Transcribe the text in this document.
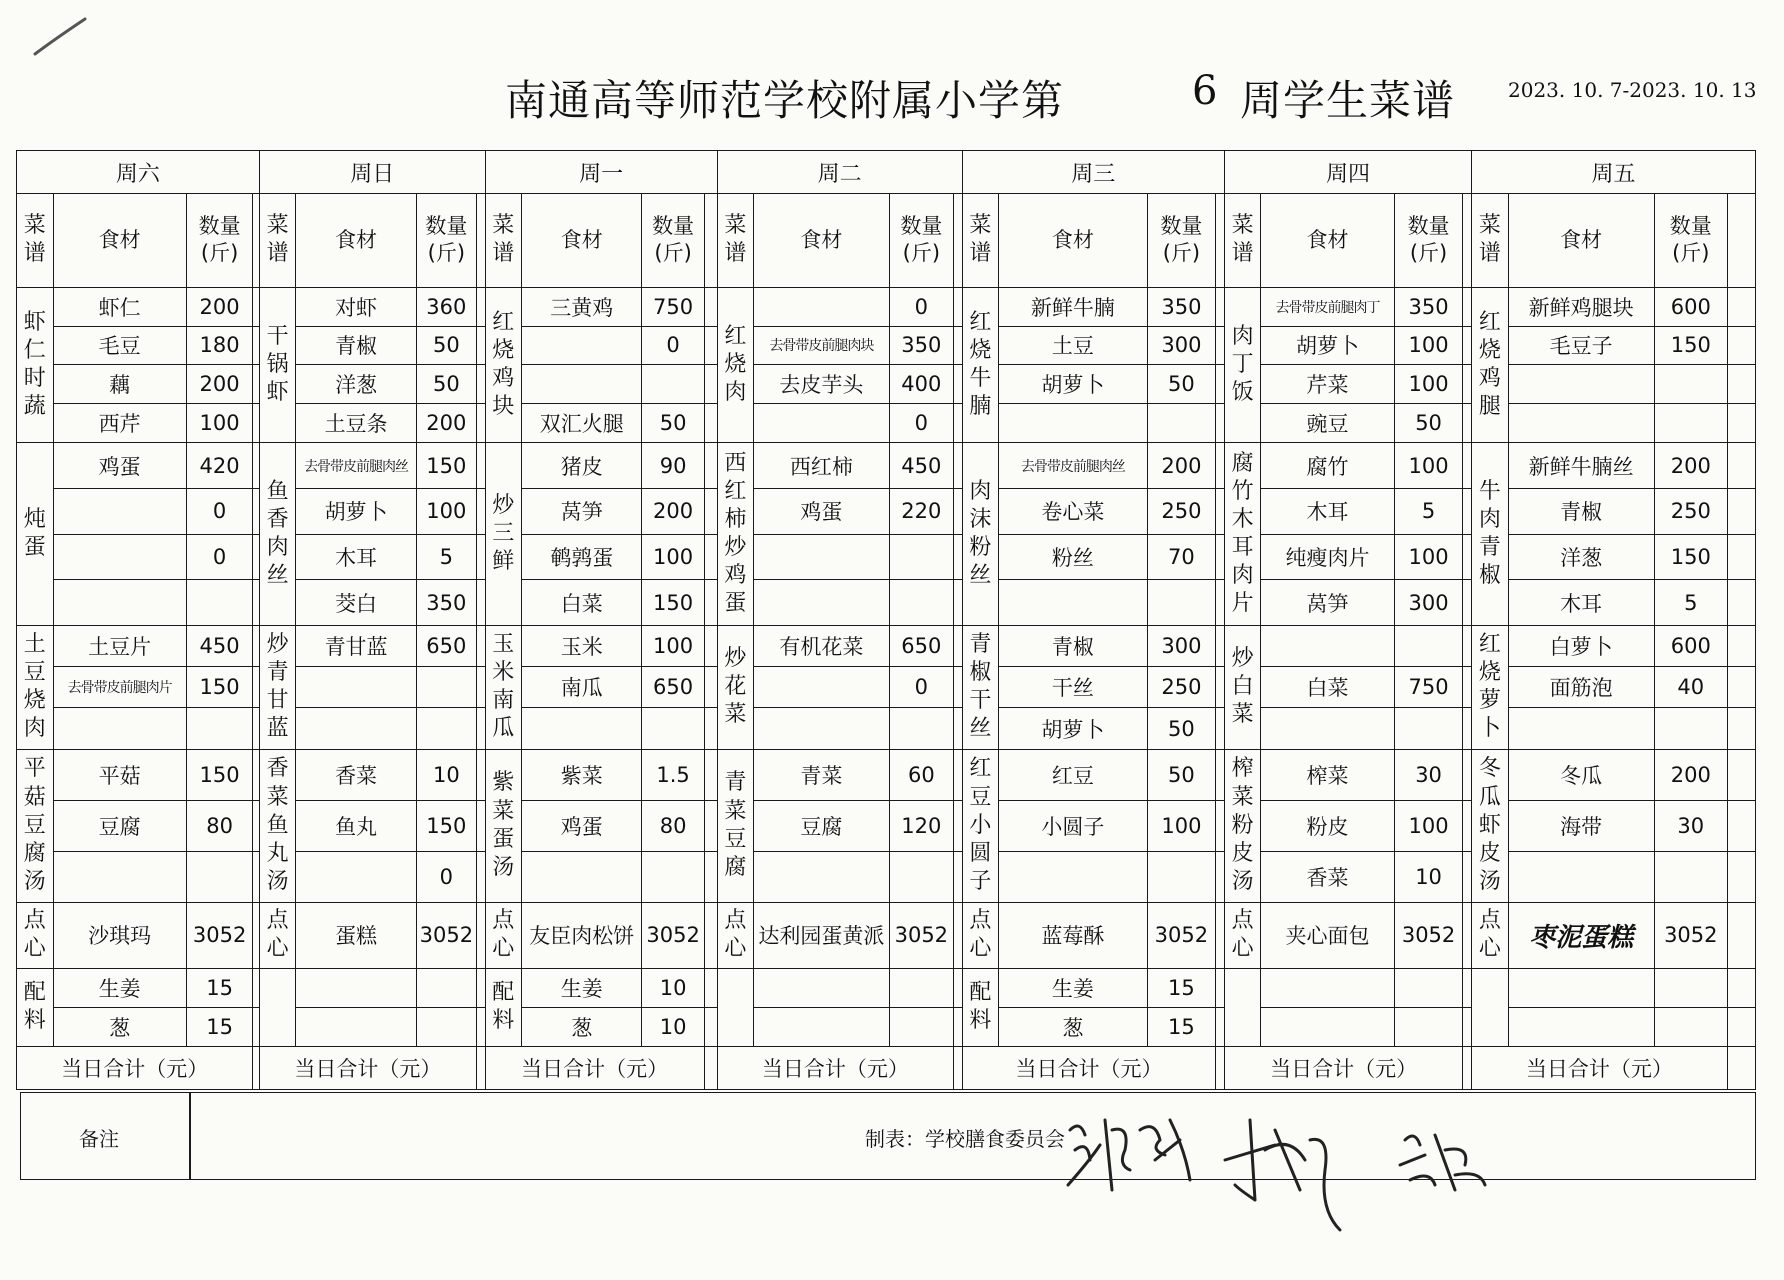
南通高等师范学校附属小学第	6 周学生菜谱	2023. 10. 7-2023. 10. 13
周六				周日				周一				周二				周三				周四				周五			
菜谱	食材	数量(斤)		菜谱	食材	数量(斤)		菜谱	食材	数量(斤)		菜谱	食材	数量(斤)		菜谱	食材	数量(斤)		菜谱	食材	数量(斤)		菜谱	食材	数量(斤)	
虾仁时蔬	虾仁	200		干锅虾	对虾	360		红烧鸡块	三黄鸡	750		红烧肉		0		红烧牛腩	新鲜牛腩	350		肉丁饭	去骨带皮前腿肉丁	350		红烧鸡腿	新鲜鸡腿块	600	
	毛豆	180			青椒	50				0			去骨带皮前腿肉块	350			土豆	300			胡萝卜	100			毛豆子	150	
	藕	200			洋葱	50							去皮芋头	400			胡萝卜	50			芹菜	100					
	西芹	100			土豆条	200			双汇火腿	50				0							豌豆	50					
炖蛋	鸡蛋	420		鱼香肉丝	去骨带皮前腿肉丝	150		炒三鲜	猪皮	90		西红柿炒鸡蛋	西红柿	450		肉沫粉丝	去骨带皮前腿肉丝	200		腐竹木耳肉片	腐竹	100		牛肉青椒	新鲜牛腩丝	200	
		0			胡萝卜	100			莴笋	200			鸡蛋	220			卷心菜	250			木耳	5			青椒	250	
		0			木耳	5			鹌鹑蛋	100							粉丝	70			纯瘦肉片	100			洋葱	150	
					茭白	350			白菜	150											莴笋	300			木耳	5	
土豆烧肉	土豆片	450		炒青甘蓝	青甘蓝	650		玉米南瓜	玉米	100		炒花菜	有机花菜	650		青椒干丝	青椒	300		炒白菜				红烧萝卜	白萝卜	600	
	去骨带皮前腿肉片	150							南瓜	650				0			干丝	250			白菜	750			面筋泡	40	
																	胡萝卜	50									
平菇豆腐汤	平菇	150		香菜鱼丸汤	香菜	10		紫菜蛋汤	紫菜	1.5		青菜豆腐	青菜	60		红豆小圆子	红豆	50		榨菜粉皮汤	榨菜	30		冬瓜虾皮汤	冬瓜	200	
	豆腐	80			鱼丸	150			鸡蛋	80			豆腐	120			小圆子	100			粉皮	100			海带	30	
						0															香菜	10					
点心	沙琪玛	3052		点心	蛋糕	3052		点心	友臣肉松饼	3052		点心	达利园蛋黄派	3052		点心	蓝莓酥	3052		点心	夹心面包	3052		点心	枣泥蛋糕	3052	
配料	生姜	15						配料	生姜	10						配料	生姜	15									
	葱	15							葱	10							葱	15									
当日合计（元）				当日合计（元）				当日合计（元）				当日合计（元）				当日合计（元）				当日合计（元）				当日合计（元）			
备注	制表：学校膳食委员会
